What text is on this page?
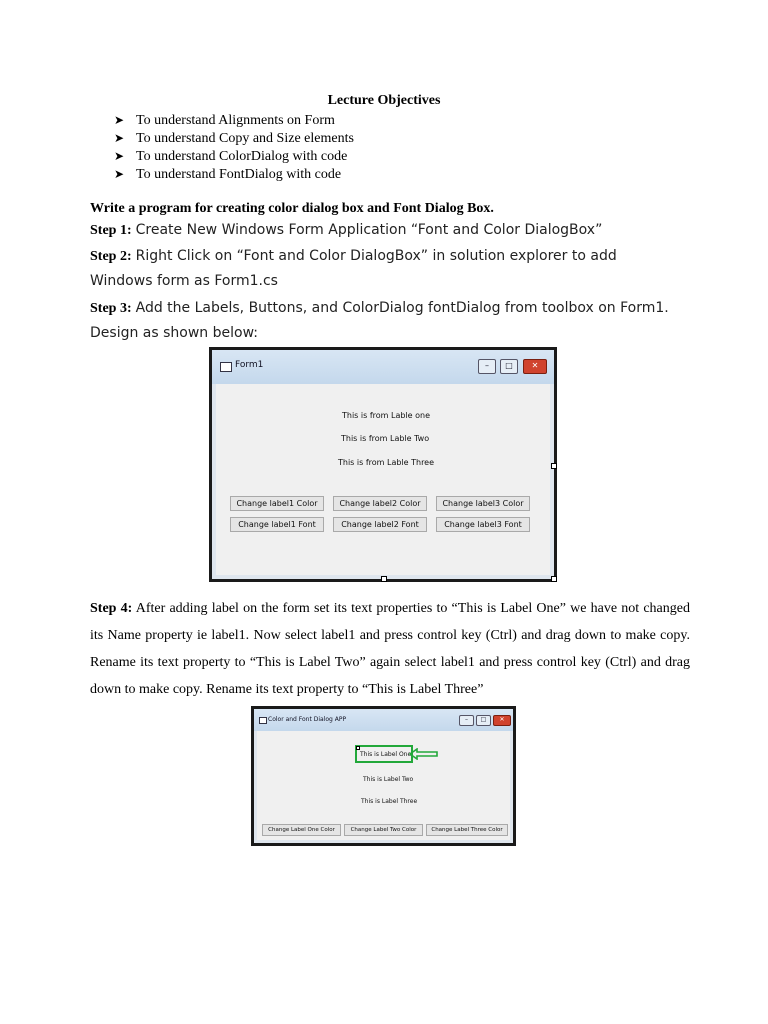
Lecture Objectives
➤ To understand Alignments on Form
➤ To understand Copy and Size elements
➤ To understand ColorDialog with code
➤ To understand FontDialog with code
Write a program for creating color dialog box and Font Dialog Box.
Step 1: Create New Windows Form Application “Font and Color DialogBox”
Step 2: Right Click on “Font and Color DialogBox” in solution explorer to add
Windows form as Form1.cs
Step 3: Add the Labels, Buttons, and ColorDialog fontDialog from toolbox on Form1.
Design as shown below:
Form1	–	□	✕
This is from Lable one
This is from Lable Two
This is from Lable Three
Change label1 Color	Change label2 Color	Change label3 Color
Change label1 Font	Change label2 Font	Change label3 Font
Step 4: After adding label on the form set its text properties to “This is Label One” we have not changed its Name property ie label1. Now select label1 and press control key (Ctrl) and drag down to make copy. Rename its text property to “This is Label Two” again select label1 and press control key (Ctrl) and drag down to make copy. Rename its text property to “This is Label Three”
Color and Font Dialog APP	–	□	✕
This is Label One
This is Label Two
This is Label Three
Change Label One Color	Change Label Two Color	Change Label Three Color
